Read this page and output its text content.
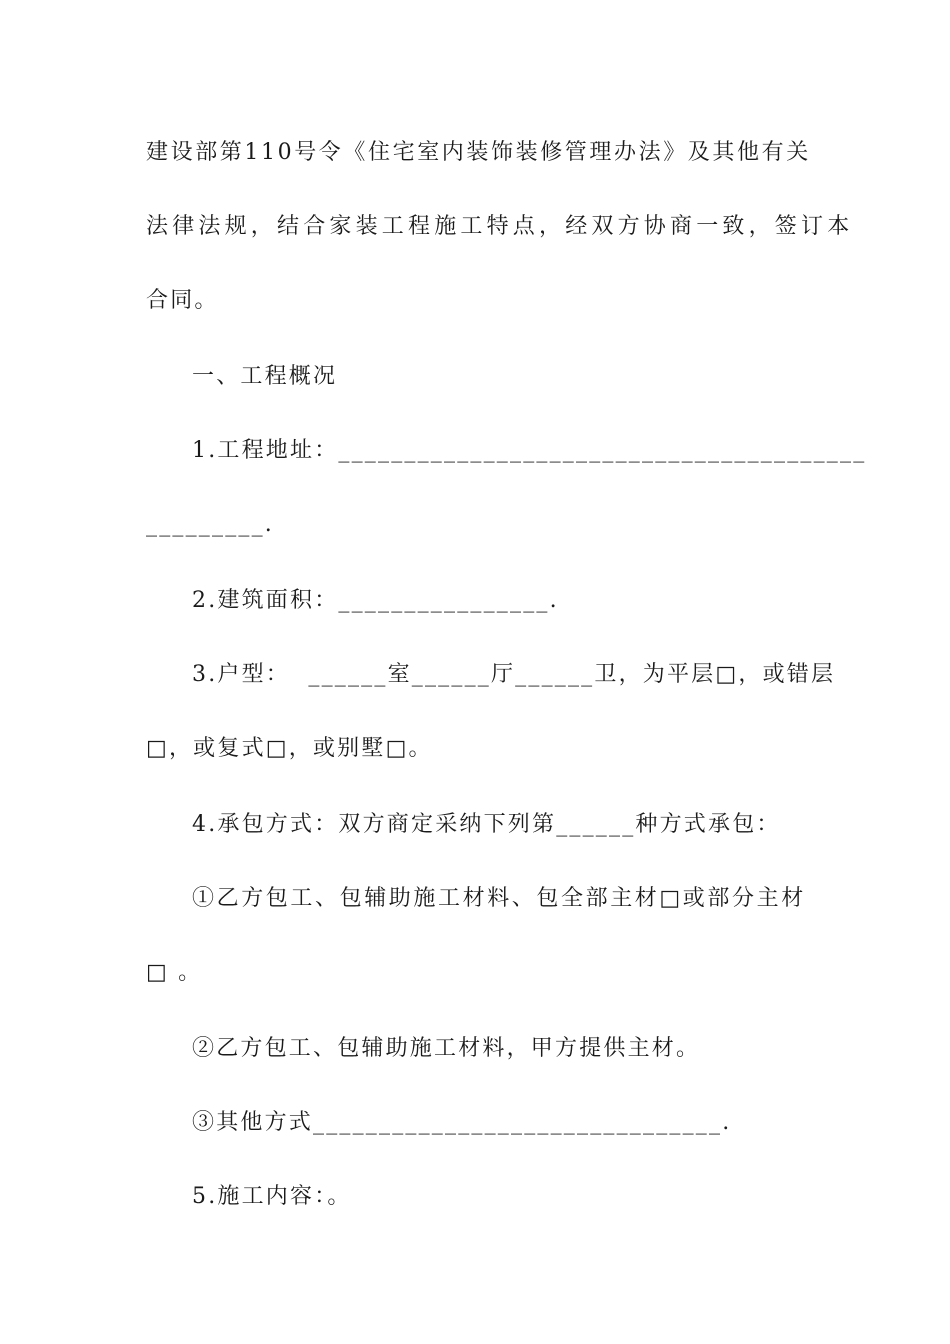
建设部第110号令《住宅室内装饰装修管理办法》及其他有关
法律法规，结合家装工程施工特点，经双方协商一致，签订本
合同。
一、工程概况
1.工程地址：________________________________________
_________.
2.建筑面积：________________.
3.户型：  ______室______厅______卫，为平层□，或错层
□，或复式□，或别墅□。
4.承包方式：双方商定采纳下列第______种方式承包：
①乙方包工、包辅助施工材料、包全部主材□或部分主材
□ 。
②乙方包工、包辅助施工材料，甲方提供主材。
③其他方式_______________________________.
5.施工内容：。
